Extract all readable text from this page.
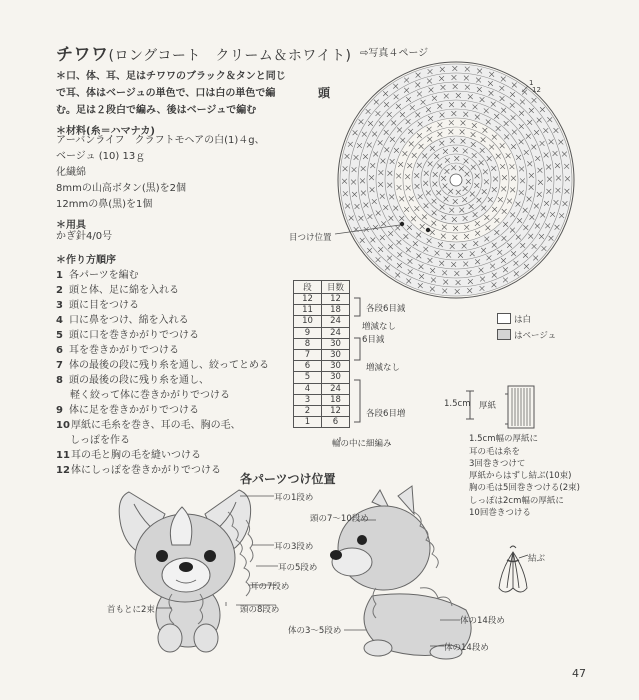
チワワ(ロングコート　クリーム＆ホワイト) ⇨写真４ページ
＊口、体、耳、足はチワワのブラック＆タンと同じで耳、体はベージュの単色で、口は白の単色で編む。足は２段白で編み、後はベージュで編む
＊材料(糸＝ハマナカ)
アーバンライフ　クラフトモヘアの白(1)４g、
ベージュ (10) 13ｇ
化繊綿
8mmの山高ボタン(黒)を2個
12mmの鼻(黒)を1個
＊用具
かぎ針4/0号
＊作り方順序
1 各パーツを編む
2 頭と体、足に綿を入れる
3 頭に目をつける
4 口に鼻をつけ、綿を入れる
5 頭に口を巻きかがりでつける
6 耳を巻きかがりでつける
7 体の最後の段に残り糸を通し、絞ってとめる
8 頭の最後の段に残り糸を通し、
軽く絞って体に巻きかがりでつける
9 体に足を巻きかがりでつける
10厚紙に毛糸を巻き、耳の毛、胸の毛、
しっぽを作る
11耳の毛と胸の毛を縫いつける
12体にしっぽを巻きかがりでつける
頭
目つけ位置
1
12
段	目数
12	12
11	18
10	24
9	24
8	30
7	30
6	30
5	30
4	24
3	18
2	12
1	6
各段6目減
増減なし
6目減
増減なし
各段6目増
輪の中に細編み
は白
はベージュ
1.5cm 厚紙
1.5cm幅の厚紙に
耳の毛は糸を
3回巻きつけて
厚紙からはずし結ぶ(10束)
胸の毛は5回巻きつける(2束)
しっぽは2cm幅の厚紙に
10回巻きつける
結ぶ
各パーツつけ位置
耳の1段め
耳の3段め
耳の5段め
耳の7段め
首もとに2束	頭の8段め
頭の7〜10段め
体の14段め
体の3〜5段め
体の14段め
47
